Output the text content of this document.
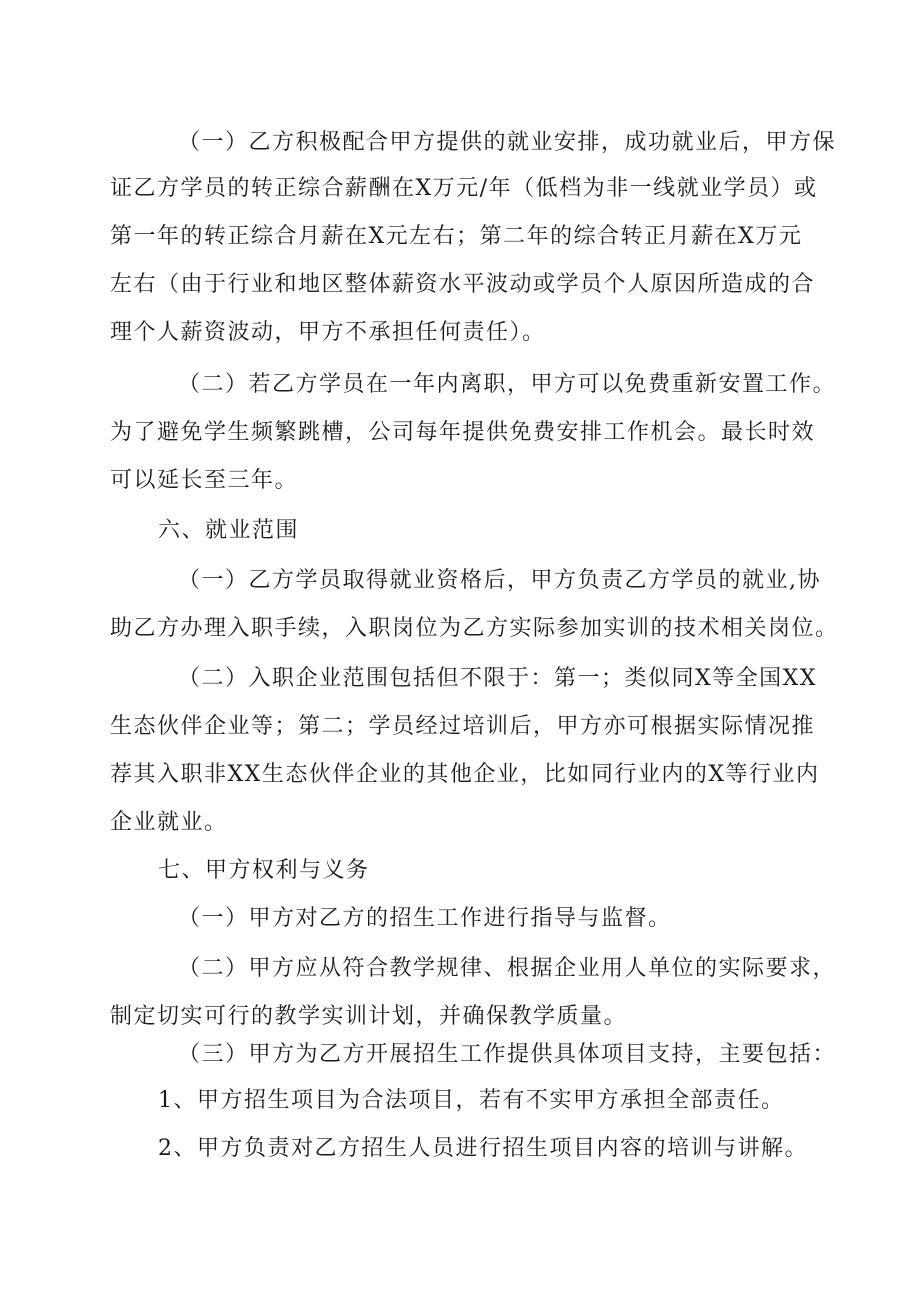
（一）乙方积极配合甲方提供的就业安排，成功就业后，甲方保
证乙方学员的转正综合薪酬在X万元/年（低档为非一线就业学员）或
第一年的转正综合月薪在X元左右；第二年的综合转正月薪在X万元
左右（由于行业和地区整体薪资水平波动或学员个人原因所造成的合
理个人薪资波动，甲方不承担任何责任）。
（二）若乙方学员在一年内离职，甲方可以免费重新安置工作。
为了避免学生频繁跳槽，公司每年提供免费安排工作机会。最长时效
可以延长至三年。
六、就业范围
（一）乙方学员取得就业资格后，甲方负责乙方学员的就业,协
助乙方办理入职手续，入职岗位为乙方实际参加实训的技术相关岗位。
（二）入职企业范围包括但不限于：第一；类似同X等全国XX
生态伙伴企业等；第二；学员经过培训后，甲方亦可根据实际情况推
荐其入职非XX生态伙伴企业的其他企业，比如同行业内的X等行业内
企业就业。
七、甲方权利与义务
（一）甲方对乙方的招生工作进行指导与监督。
（二）甲方应从符合教学规律、根据企业用人单位的实际要求，
制定切实可行的教学实训计划，并确保教学质量。
（三）甲方为乙方开展招生工作提供具体项目支持，主要包括：
1、甲方招生项目为合法项目，若有不实甲方承担全部责任。
2、甲方负责对乙方招生人员进行招生项目内容的培训与讲解。
